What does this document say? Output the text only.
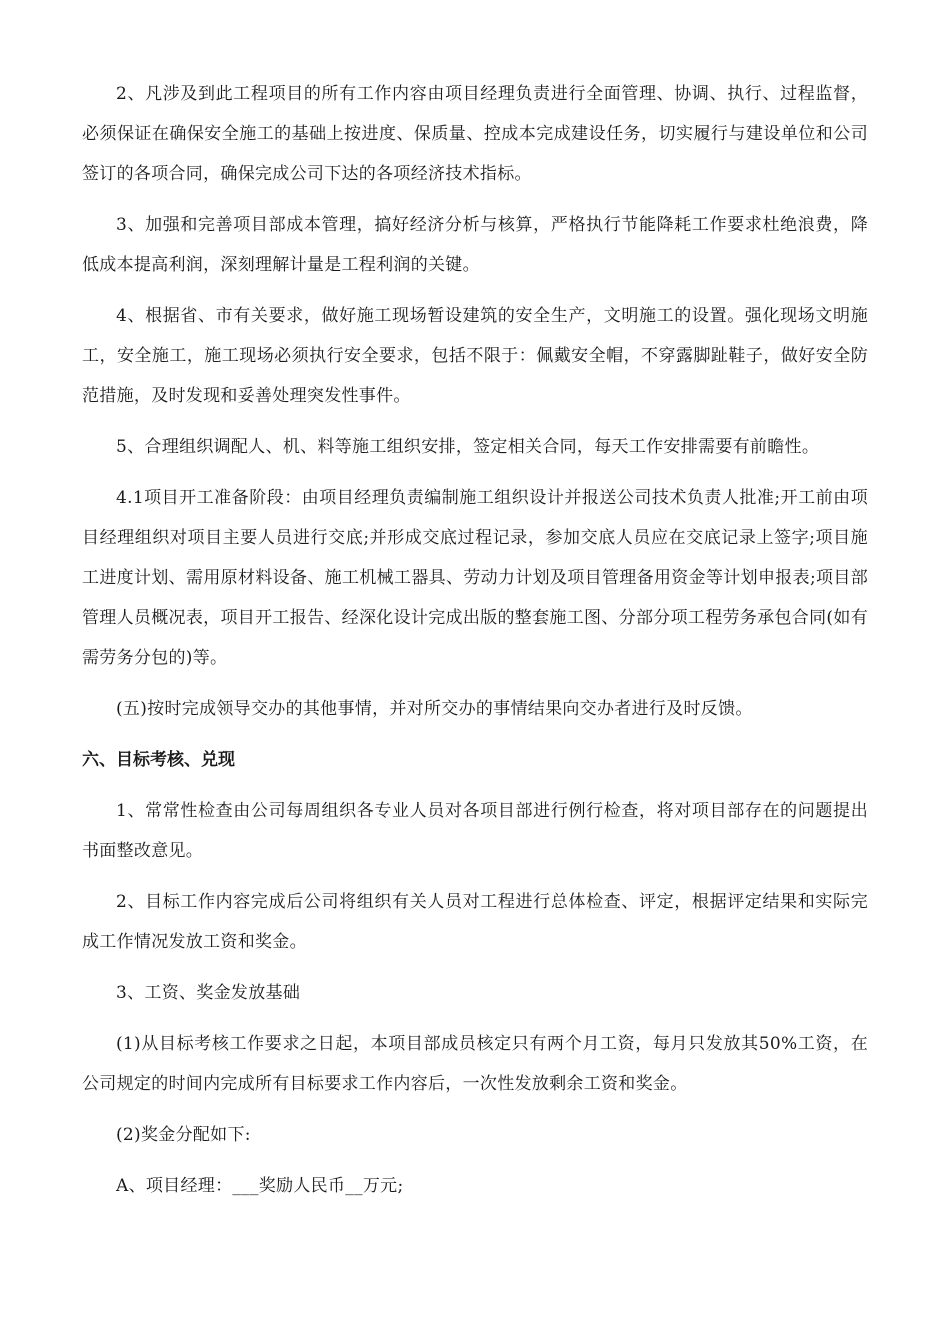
2、凡涉及到此工程项目的所有工作内容由项目经理负责进行全面管理、协调、执行、过程监督，必须保证在确保安全施工的基础上按进度、保质量、控成本完成建设任务，切实履行与建设单位和公司签订的各项合同，确保完成公司下达的各项经济技术指标。

3、加强和完善项目部成本管理，搞好经济分析与核算，严格执行节能降耗工作要求杜绝浪费，降低成本提高利润，深刻理解计量是工程利润的关键。

4、根据省、市有关要求，做好施工现场暂设建筑的安全生产，文明施工的设置。强化现场文明施工，安全施工，施工现场必须执行安全要求，包括不限于：佩戴安全帽，不穿露脚趾鞋子，做好安全防范措施，及时发现和妥善处理突发性事件。

5、合理组织调配人、机、料等施工组织安排，签定相关合同，每天工作安排需要有前瞻性。

4.1项目开工准备阶段：由项目经理负责编制施工组织设计并报送公司技术负责人批准;开工前由项目经理组织对项目主要人员进行交底;并形成交底过程记录，参加交底人员应在交底记录上签字;项目施工进度计划、需用原材料设备、施工机械工器具、劳动力计划及项目管理备用资金等计划申报表;项目部管理人员概况表，项目开工报告、经深化设计完成出版的整套施工图、分部分项工程劳务承包合同(如有需劳务分包的)等。

(五)按时完成领导交办的其他事情，并对所交办的事情结果向交办者进行及时反馈。

六、目标考核、兑现

1、常常性检查由公司每周组织各专业人员对各项目部进行例行检查，将对项目部存在的问题提出书面整改意见。

2、目标工作内容完成后公司将组织有关人员对工程进行总体检查、评定，根据评定结果和实际完成工作情况发放工资和奖金。

3、工资、奖金发放基础

(1)从目标考核工作要求之日起，本项目部成员核定只有两个月工资，每月只发放其50%工资，在公司规定的时间内完成所有目标要求工作内容后，一次性发放剩余工资和奖金。

(2)奖金分配如下:

A、项目经理：___奖励人民币__万元;
